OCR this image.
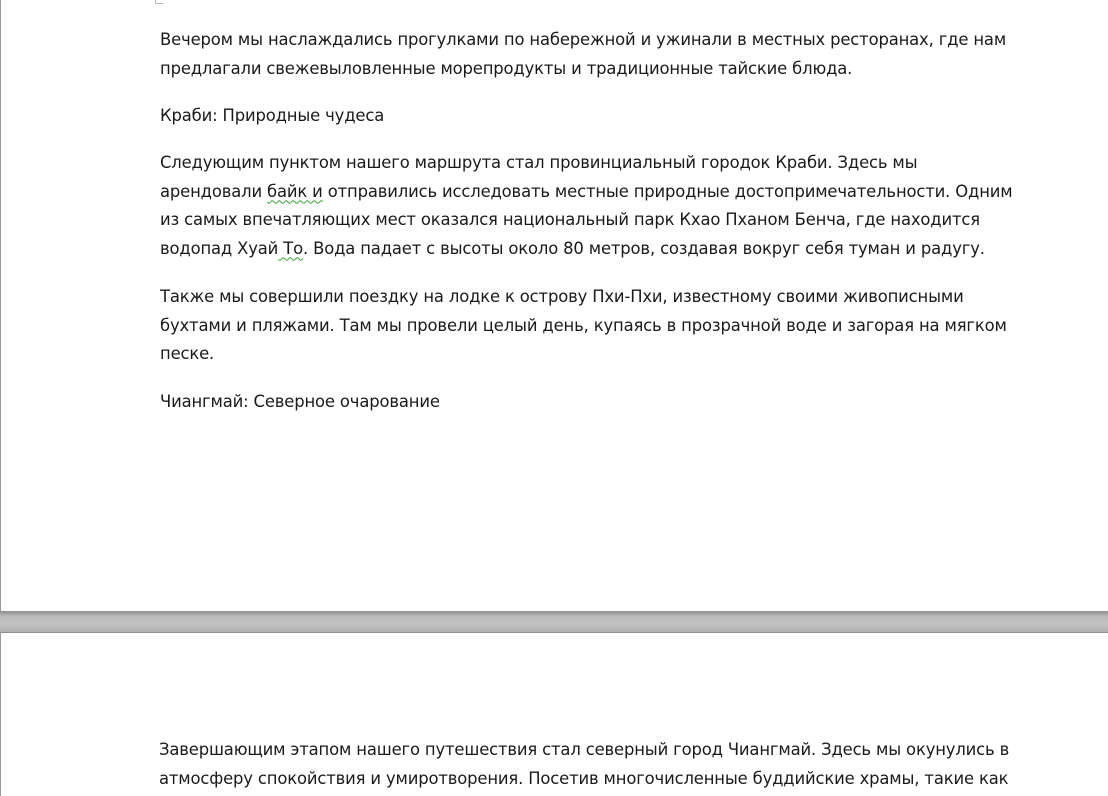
Вечером мы наслаждались прогулками по набережной и ужинали в местных ресторанах, где нам
предлагали свежевыловленные морепродукты и традиционные тайские блюда.
Краби: Природные чудеса
Следующим пунктом нашего маршрута стал провинциальный городок Краби. Здесь мы
арендовали байк и отправились исследовать местные природные достопримечательности. Одним
из самых впечатляющих мест оказался национальный парк Кхао Пханом Бенча, где находится
водопад Хуай То. Вода падает с высоты около 80 метров, создавая вокруг себя туман и радугу.
Также мы совершили поездку на лодке к острову Пхи-Пхи, известному своими живописными
бухтами и пляжами. Там мы провели целый день, купаясь в прозрачной воде и загорая на мягком
песке.
Чиангмай: Северное очарование
Завершающим этапом нашего путешествия стал северный город Чиангмай. Здесь мы окунулись в
атмосферу спокойствия и умиротворения. Посетив многочисленные буддийские храмы, такие как
